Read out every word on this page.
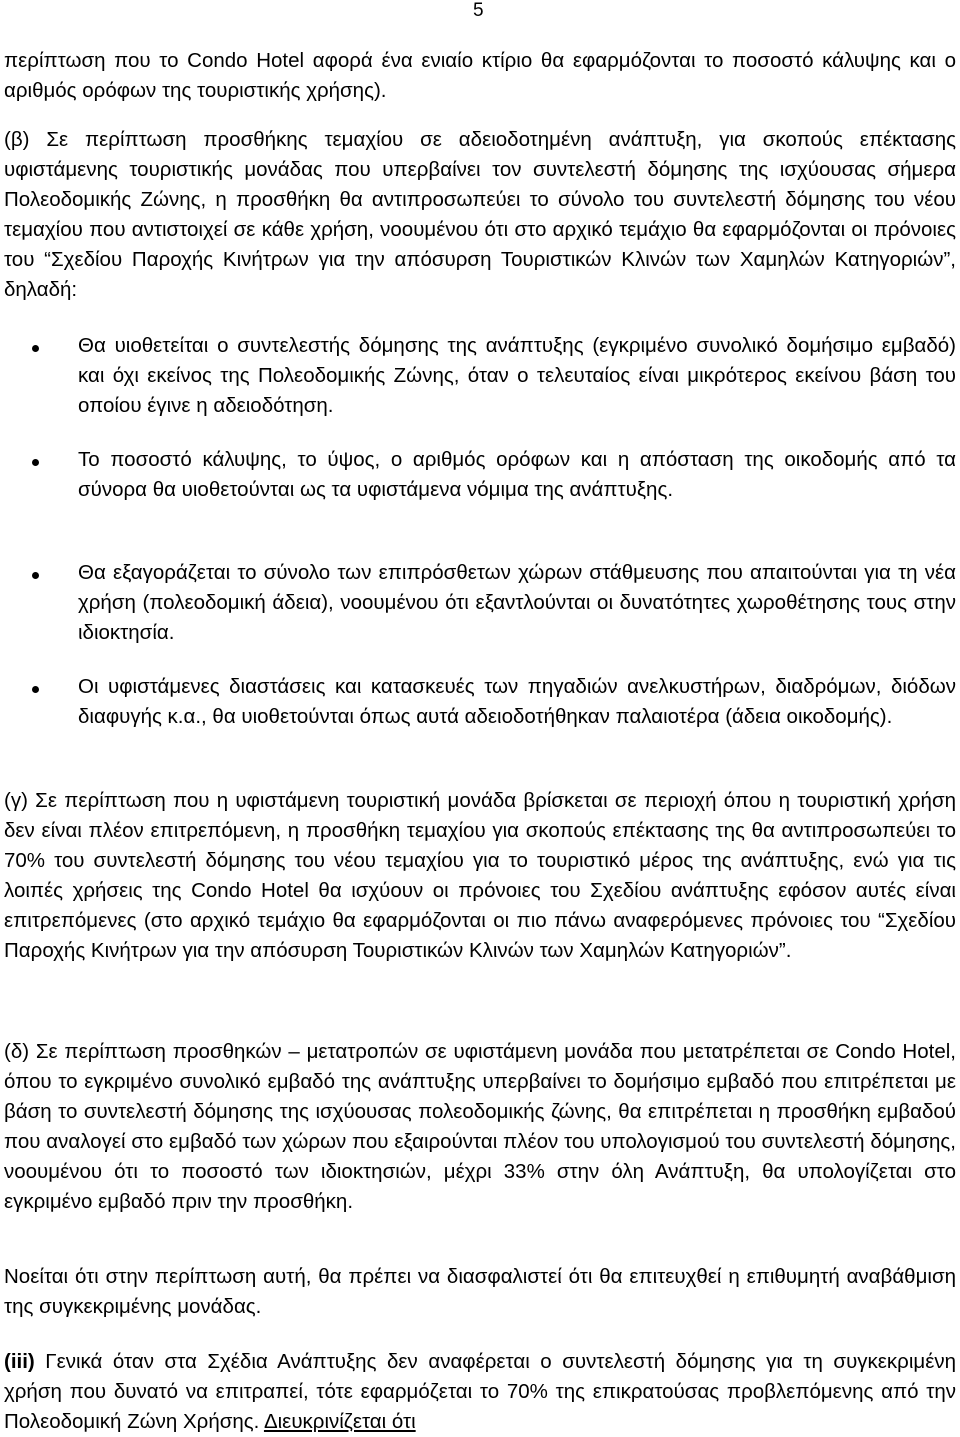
5

περίπτωση που το Condo Hotel αφορά ένα ενιαίο κτίριο θα εφαρμόζονται το ποσοστό κάλυψης και ο αριθμός ορόφων της τουριστικής χρήσης).

(β) Σε περίπτωση προσθήκης τεμαχίου σε αδειοδοτημένη ανάπτυξη, για σκοπούς επέκτασης υφιστάμενης τουριστικής μονάδας που υπερβαίνει τον συντελεστή δόμησης της ισχύουσας σήμερα Πολεοδομικής Ζώνης, η προσθήκη θα αντιπροσωπεύει το σύνολο του συντελεστή δόμησης του νέου τεμαχίου που αντιστοιχεί σε κάθε χρήση, νοουμένου ότι στο αρχικό τεμάχιο θα εφαρμόζονται οι πρόνοιες του “Σχεδίου Παροχής Κινήτρων για την απόσυρση Τουριστικών Κλινών των Χαμηλών Κατηγοριών”, δηλαδή:

Θα υιοθετείται ο συντελεστής δόμησης της ανάπτυξης (εγκριμένο συνολικό δομήσιμο εμβαδό) και όχι εκείνος της Πολεοδομικής Ζώνης, όταν ο τελευταίος είναι μικρότερος εκείνου βάση του οποίου έγινε η αδειοδότηση.
Το ποσοστό κάλυψης, το ύψος, ο αριθμός ορόφων και η απόσταση της οικοδομής από τα σύνορα θα υιοθετούνται ως τα υφιστάμενα νόμιμα της ανάπτυξης.
Θα εξαγοράζεται το σύνολο των επιπρόσθετων χώρων στάθμευσης που απαιτούνται για τη νέα χρήση (πολεοδομική άδεια), νοουμένου ότι εξαντλούνται οι δυνατότητες χωροθέτησης τους στην ιδιοκτησία.
Οι υφιστάμενες διαστάσεις και κατασκευές των πηγαδιών ανελκυστήρων, διαδρόμων, διόδων διαφυγής κ.α., θα υιοθετούνται όπως αυτά αδειοδοτήθηκαν παλαιοτέρα (άδεια οικοδομής).

(γ) Σε περίπτωση που η υφιστάμενη τουριστική μονάδα βρίσκεται σε περιοχή όπου η τουριστική χρήση δεν είναι πλέον επιτρεπόμενη, η προσθήκη τεμαχίου για σκοπούς επέκτασης της θα αντιπροσωπεύει το 70% του συντελεστή δόμησης του νέου τεμαχίου για το τουριστικό μέρος της ανάπτυξης, ενώ για τις λοιπές χρήσεις της Condo Hotel θα ισχύουν οι πρόνοιες του Σχεδίου ανάπτυξης εφόσον αυτές είναι επιτρεπόμενες (στο αρχικό τεμάχιο θα εφαρμόζονται οι πιο πάνω αναφερόμενες πρόνοιες του “Σχεδίου Παροχής Κινήτρων για την απόσυρση Τουριστικών Κλινών των Χαμηλών Κατηγοριών”.

(δ) Σε περίπτωση προσθηκών – μετατροπών σε υφιστάμενη μονάδα που μετατρέπεται σε Condo Hotel, όπου το εγκριμένο συνολικό εμβαδό της ανάπτυξης υπερβαίνει το δομήσιμο εμβαδό που επιτρέπεται με βάση το συντελεστή δόμησης της ισχύουσας πολεοδομικής ζώνης, θα επιτρέπεται η προσθήκη εμβαδού που αναλογεί στο εμβαδό των χώρων που εξαιρούνται πλέον του υπολογισμού του συντελεστή δόμησης, νοουμένου ότι το ποσοστό των ιδιοκτησιών, μέχρι 33% στην όλη Ανάπτυξη, θα υπολογίζεται στο εγκριμένο εμβαδό πριν την προσθήκη.

Νοείται ότι στην περίπτωση αυτή, θα πρέπει να διασφαλιστεί ότι θα επιτευχθεί η επιθυμητή αναβάθμιση της συγκεκριμένης μονάδας.

(iii) Γενικά όταν στα Σχέδια Ανάπτυξης δεν αναφέρεται ο συντελεστή δόμησης για τη συγκεκριμένη χρήση που δυνατό να επιτραπεί, τότε εφαρμόζεται το 70% της επικρατούσας προβλεπόμενης από την Πολεοδομική Ζώνη Χρήσης. Διευκρινίζεται ότι
